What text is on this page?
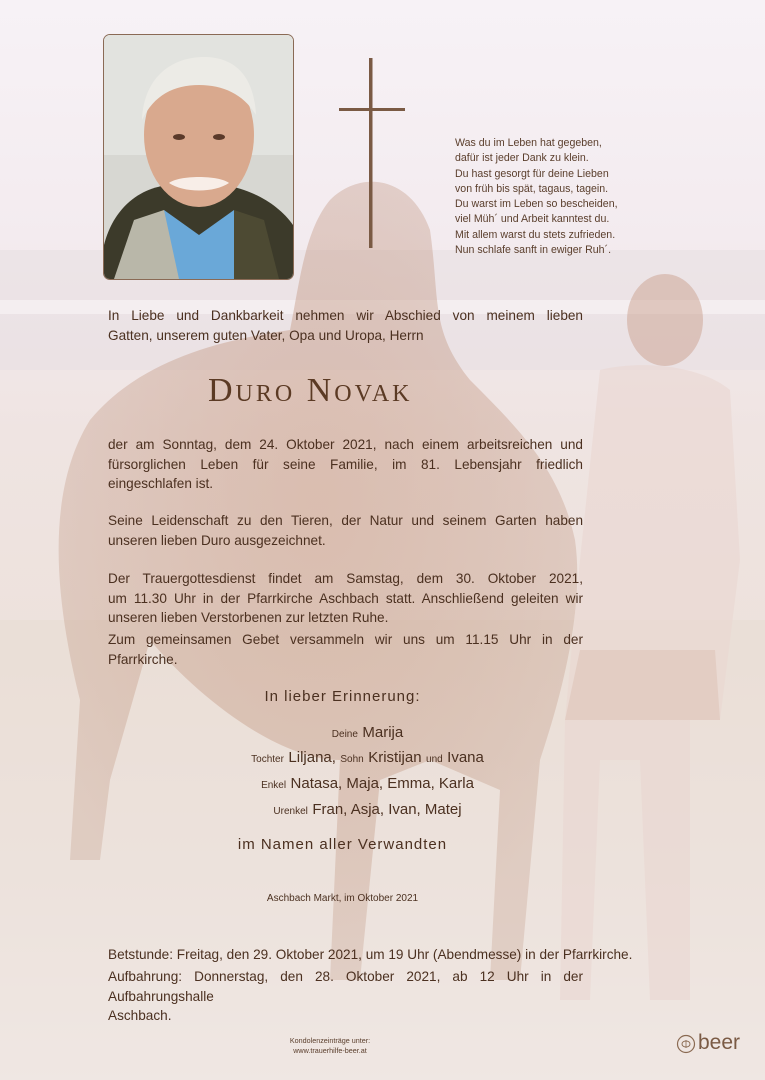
Was du im Leben hat gegeben,
dafür ist jeder Dank zu klein.
Du hast gesorgt für deine Lieben
von früh bis spät, tagaus, tagein.
Du warst im Leben so bescheiden,
viel Müh´ und Arbeit kanntest du.
Mit allem warst du stets zufrieden.
Nun schlafe sanft in ewiger Ruh´.
In Liebe und Dankbarkeit nehmen wir Abschied von meinem lieben
Gatten, unserem guten Vater, Opa und Uropa, Herrn
Duro Novak
der am Sonntag, dem 24. Oktober 2021, nach einem arbeitsreichen und
fürsorglichen Leben für seine Familie, im 81. Lebensjahr friedlich
eingeschlafen ist.
Seine Leidenschaft zu den Tieren, der Natur und seinem Garten haben
unseren lieben Duro ausgezeichnet.
Der Trauergottesdienst findet am Samstag, dem 30. Oktober 2021,
um 11.30 Uhr in der Pfarrkirche Aschbach statt. Anschließend geleiten wir
unseren lieben Verstorbenen zur letzten Ruhe.
Zum gemeinsamen Gebet versammeln wir uns um 11.15 Uhr in der
Pfarrkirche.
In lieber Erinnerung:
Deine Marija
Tochter Liljana, Sohn Kristijan und Ivana
Enkel Natasa, Maja, Emma, Karla
Urenkel Fran, Asja, Ivan, Matej
im Namen aller Verwandten
Aschbach Markt, im Oktober 2021
Betstunde: Freitag, den 29. Oktober 2021, um 19 Uhr (Abendmesse) in der Pfarrkirche.
Aufbahrung: Donnerstag, den 28. Oktober 2021, ab 12 Uhr in der Aufbahrungshalle
Aschbach.
Kondolenzeinträge unter:
www.trauerhilfe-beer.at	beer
